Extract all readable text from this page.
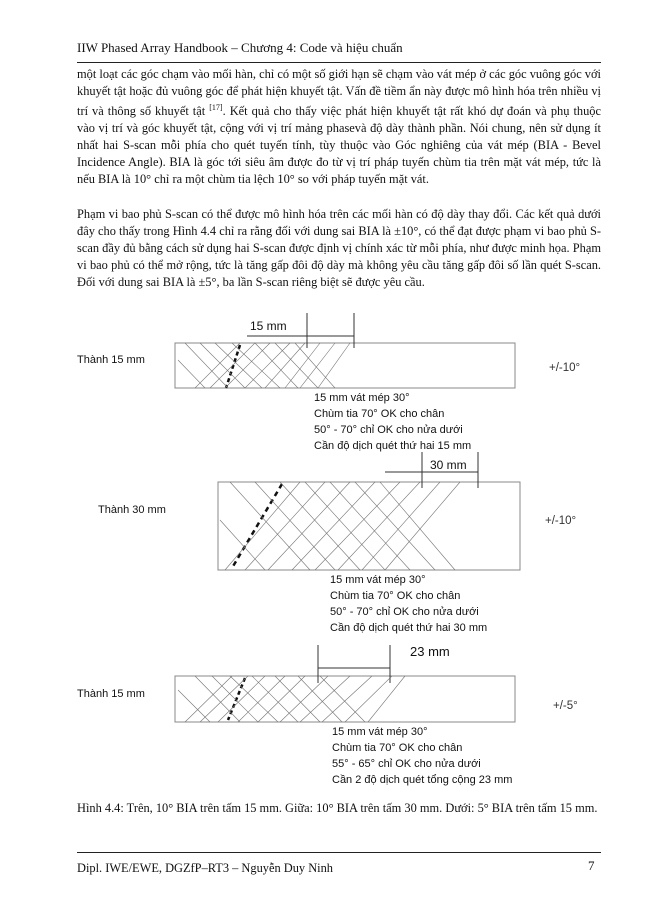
IIW Phased Array Handbook – Chương 4: Code và hiệu chuẩn

một loạt các góc chạm vào mối hàn, chỉ có một số giới hạn sẽ chạm vào vát mép ở các góc vuông góc với khuyết tật hoặc đủ vuông góc để phát hiện khuyết tật. Vấn đề tiềm ẩn này được mô hình hóa trên nhiều vị trí và thông số khuyết tật [17]. Kết quả cho thấy việc phát hiện khuyết tật rất khó dự đoán và phụ thuộc vào vị trí và góc khuyết tật, cộng với vị trí mảng phasevà độ dày thành phần. Nói chung, nên sử dụng ít nhất hai S-scan mỗi phía cho quét tuyến tính, tùy thuộc vào Góc nghiêng của vát mép (BIA - Bevel Incidence Angle). BIA là góc tới siêu âm được đo từ vị trí pháp tuyến chùm tia trên mặt vát mép, tức là nếu BIA là 10° chỉ ra một chùm tia lệch 10° so với pháp tuyến mặt vát.

Phạm vi bao phủ S-scan có thể được mô hình hóa trên các mối hàn có độ dày thay đổi. Các kết quả dưới đây cho thấy trong Hình 4.4 chỉ ra rằng đối với dung sai BIA là ±10°, có thể đạt được phạm vi bao phủ S-scan đầy đủ bằng cách sử dụng hai S-scan được định vị chính xác từ mỗi phía, như được minh họa. Phạm vi bao phủ có thể mở rộng, tức là tăng gấp đôi độ dày mà không yêu cầu tăng gấp đôi số lần quét S-scan. Đối với dung sai BIA là ±5°, ba lần S-scan riêng biệt sẽ được yêu cầu.

Thành 15 mm
15 mm
+/-10°
15 mm vát mép 30°
Chùm tia 70° OK cho chân
50° - 70° chỉ OK cho nửa dưới
Cần độ dịch quét thứ hai 15 mm
Thành 30 mm
30 mm
+/-10°
15 mm vát mép 30°
Chùm tia 70° OK cho chân
50° - 70° chỉ OK cho nửa dưới
Cần độ dịch quét thứ hai 30 mm
Thành 15 mm
23 mm
+/-5°
15 mm vát mép 30°
Chùm tia 70° OK cho chân
55° - 65° chỉ OK cho nửa dưới
Cần 2 độ dịch quét tổng cộng 23 mm

Hình 4.4: Trên, 10° BIA trên tấm 15 mm. Giữa: 10° BIA trên tấm 30 mm. Dưới: 5° BIA trên tấm 15 mm.

Dipl. IWE/EWE, DGZfP–RT3 – Nguyễn Duy Ninh	7
